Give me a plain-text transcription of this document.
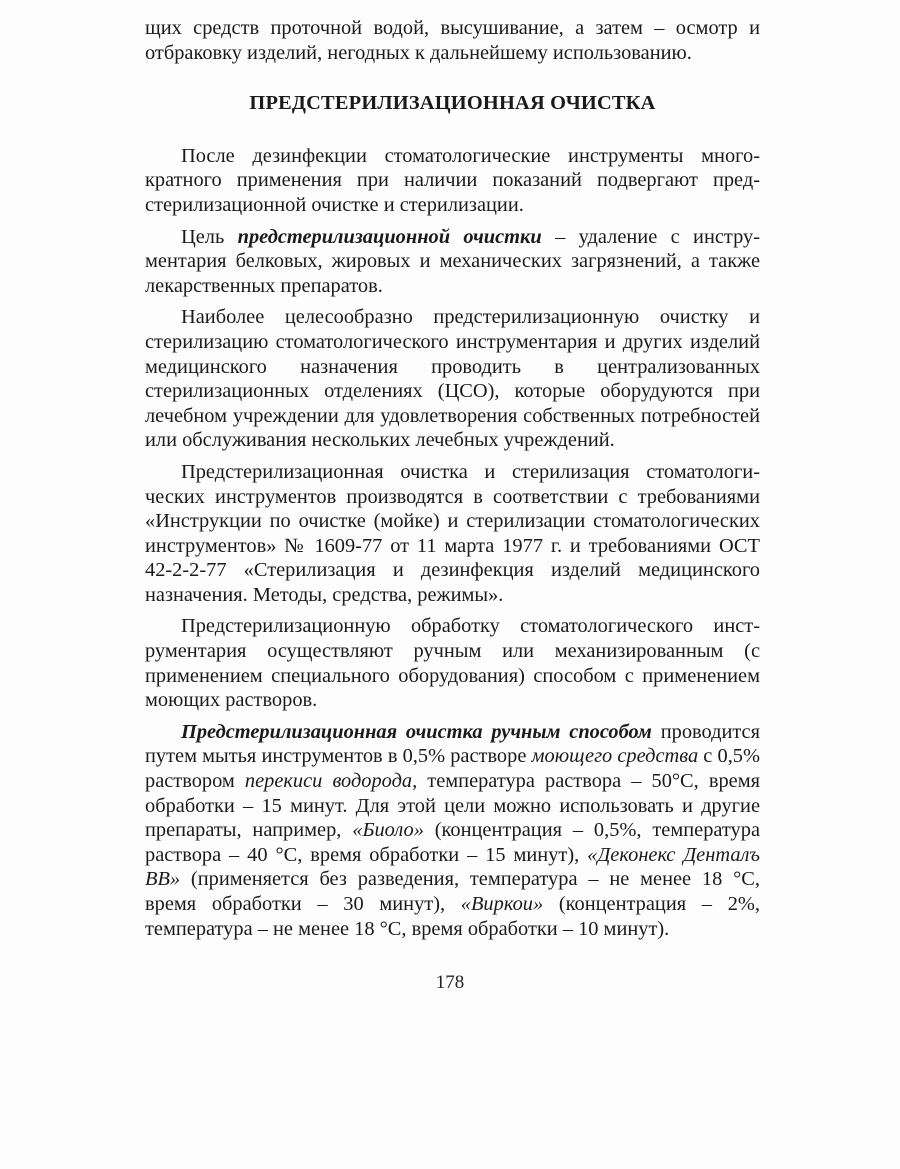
щих средств проточной водой, высушивание, а затем – осмотр и отбраковку изделий, негодных к дальнейшему использованию.

ПРЕДСТЕРИЛИЗАЦИОННАЯ ОЧИСТКА

После дезинфекции стоматологические инструменты многократного применения при наличии показаний подвергают предстерилизационной очистке и стерилизации.

Цель предстерилизационной очистки – удаление с инструментария белковых, жировых и механических загрязнений, а также лекарственных препаратов.

Наиболее целесообразно предстерилизационную очистку и стерилизацию стоматологического инструментария и других изделий медицинского назначения проводить в централизованных стерилизационных отделениях (ЦСО), которые оборудуются при лечебном учреждении для удовлетворения собственных потребностей или обслуживания нескольких лечебных учреждений.

Предстерилизационная очистка и стерилизация стоматологических инструментов производятся в соответствии с требованиями «Инструкции по очистке (мойке) и стерилизации стоматологических инструментов» № 1609-77 от 11 марта 1977 г. и требованиями ОСТ 42-2-2-77 «Стерилизация и дезинфекция изделий медицинского назначения. Методы, средства, режимы».

Предстерилизационную обработку стоматологического инструментария осуществляют ручным или механизированным (с применением специального оборудования) способом с применением моющих растворов.

Предстерилизационная очистка ручным способом проводится путем мытья инструментов в 0,5% растворе моющего средства с 0,5% раствором перекиси водорода, температура раствора – 50°С, время обработки – 15 минут. Для этой цели можно использовать и другие препараты, например, «Биоло» (концентрация – 0,5%, температура раствора – 40 °С, время обработки – 15 минут), «Деконекс Денталъ ВВ» (применяется без разведения, температура – не менее 18 °С, время обработки – 30 минут), «Виркои» (концентрация – 2%, температура – не менее 18 °С, время обработки – 10 минут).

178
